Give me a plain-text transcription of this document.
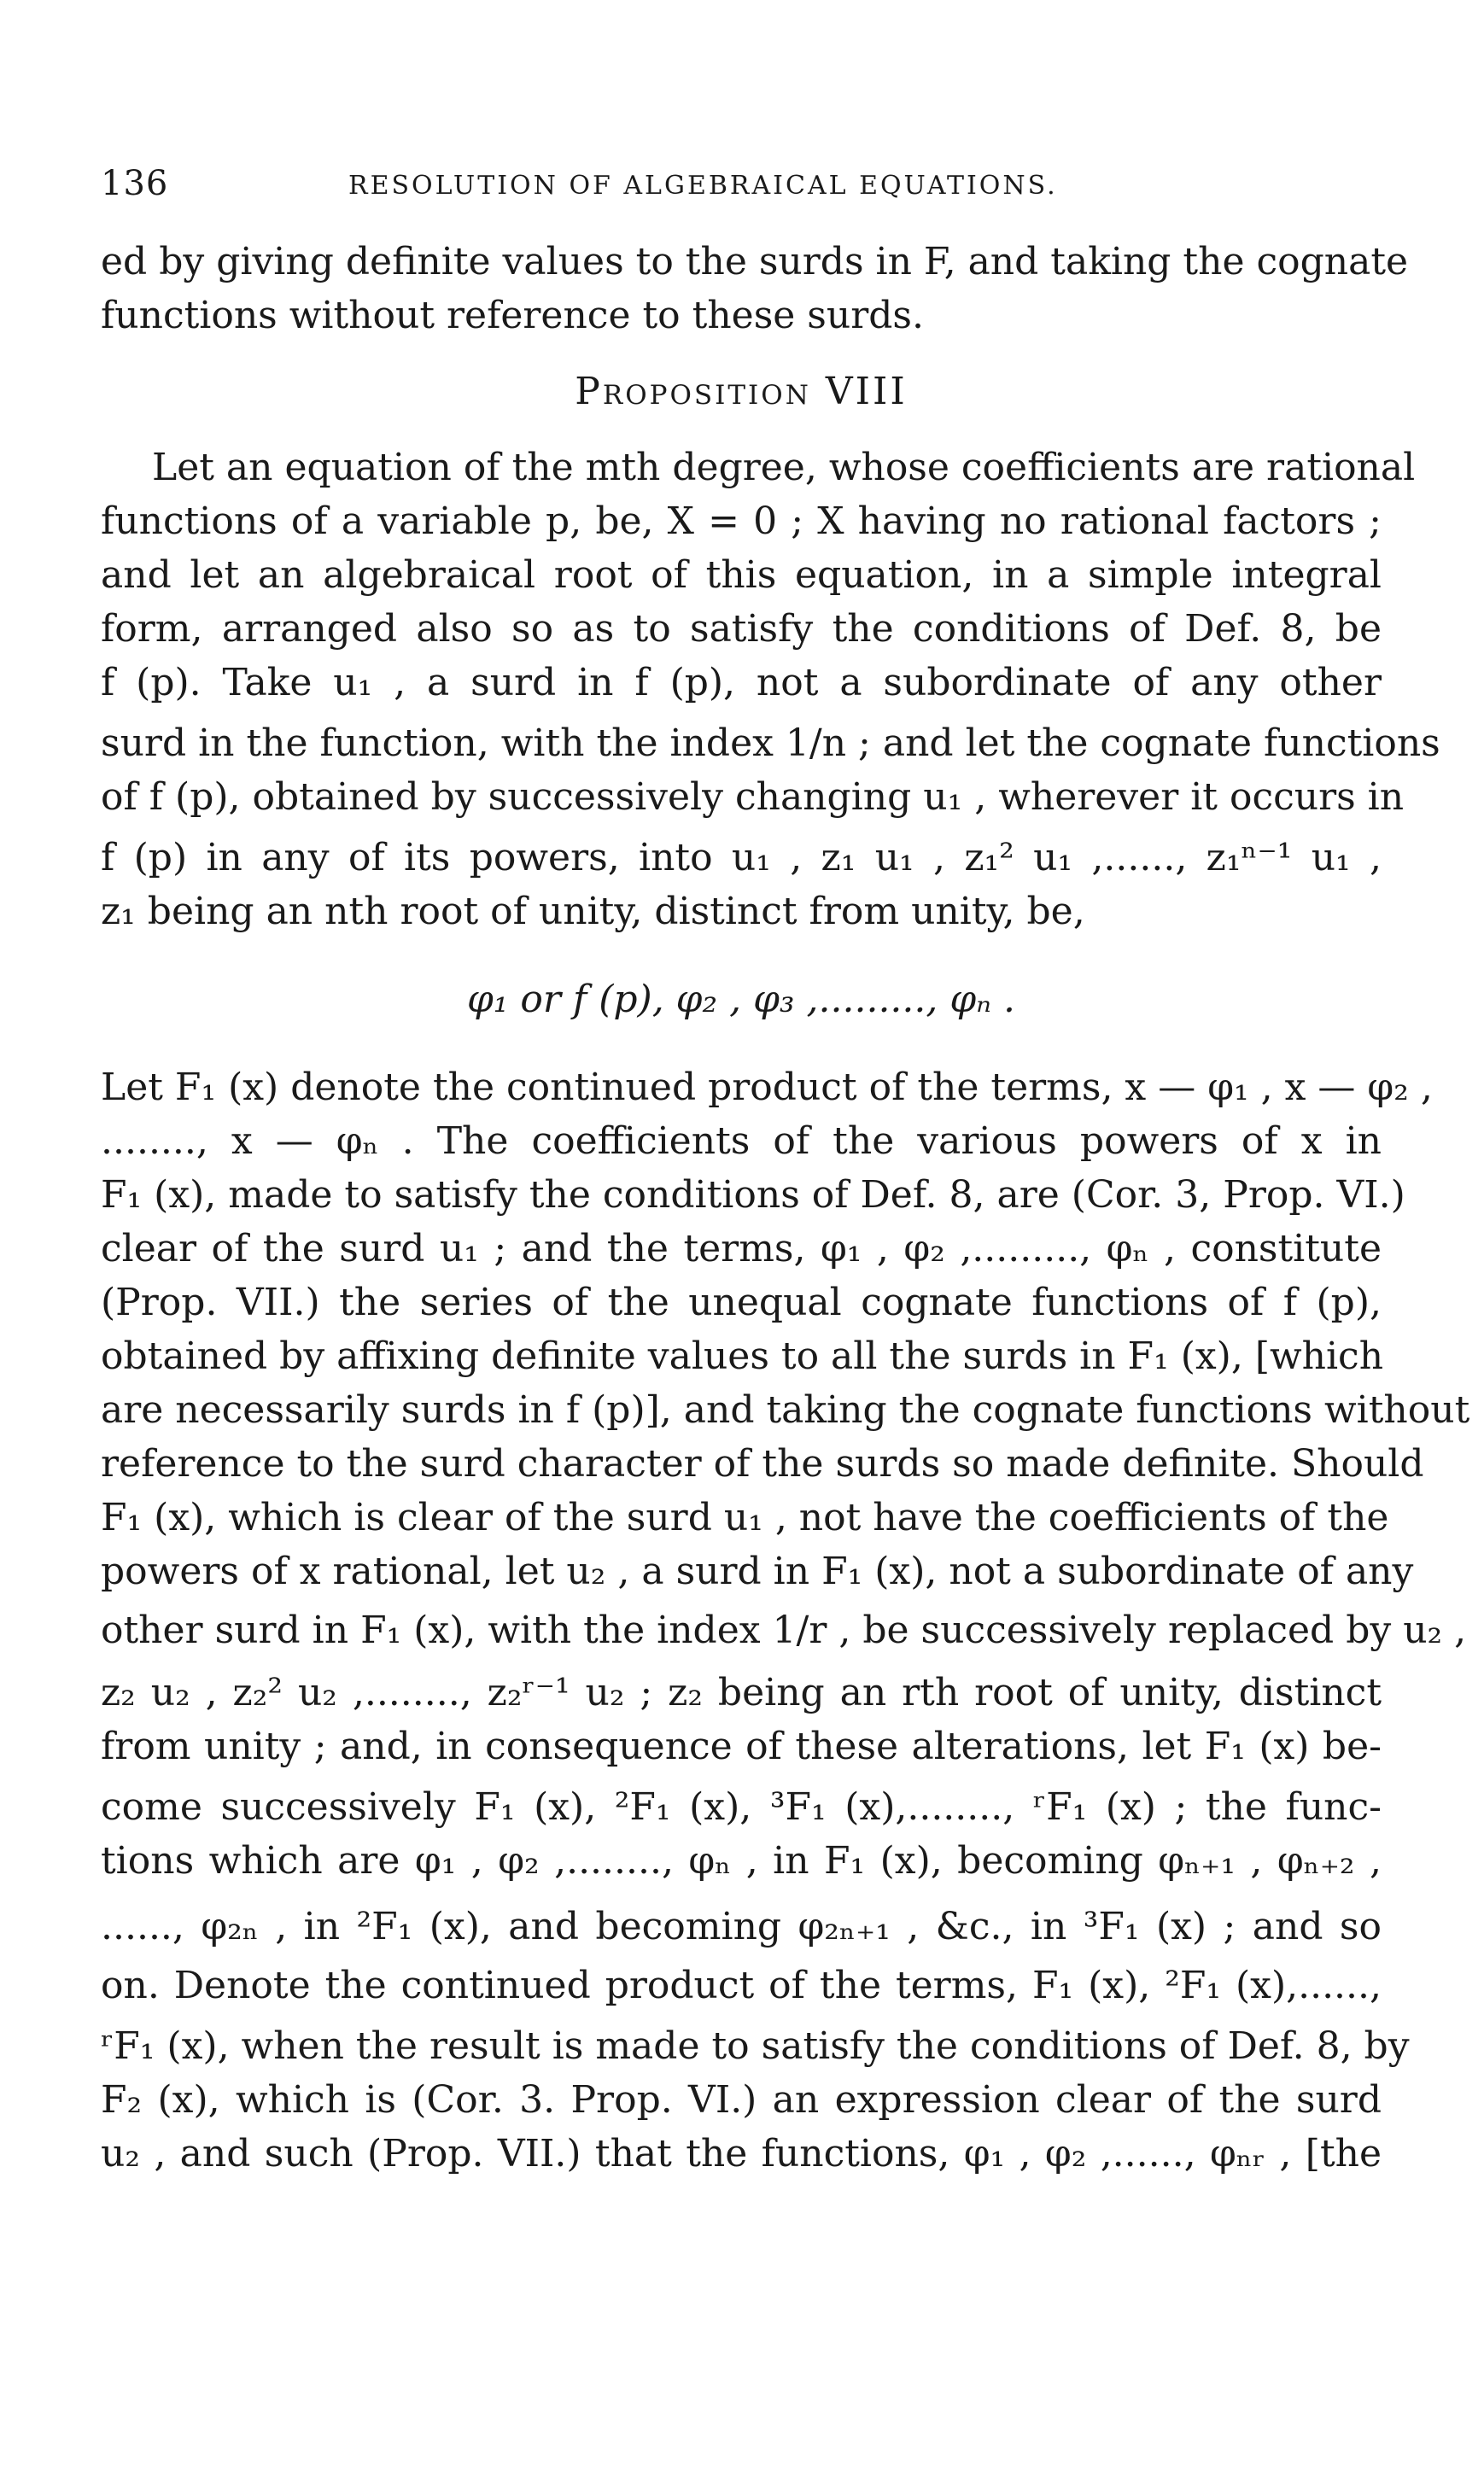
136	RESOLUTION OF ALGEBRAICAL EQUATIONS.
ed by giving definite values to the surds in F, and taking the cognate
functions without reference to these surds.
Proposition VIII
Let an equation of the mth degree, whose coefficients are rational
functions of a variable p, be, X = 0 ; X having no rational factors ;
and let an algebraical root of this equation, in a simple integral
form, arranged also so as to satisfy the conditions of Def. 8, be
f (p). Take u₁ , a surd in f (p), not a subordinate of any other
surd in the function, with the index 1/n ; and let the cognate functions
of f (p), obtained by successively changing u₁ , wherever it occurs in
f (p) in any of its powers, into u₁ , z₁ u₁ , z₁² u₁ ,......, z₁ⁿ⁻¹ u₁ ,
z₁ being an nth root of unity, distinct from unity, be,
φ₁ or f (p), φ₂ , φ₃ ,........., φₙ .
Let F₁ (x) denote the continued product of the terms, x — φ₁ , x — φ₂ ,
........, x — φₙ . The coefficients of the various powers of x in
F₁ (x), made to satisfy the conditions of Def. 8, are (Cor. 3, Prop. VI.)
clear of the surd u₁ ; and the terms, φ₁ , φ₂ ,........., φₙ , constitute
(Prop. VII.) the series of the unequal cognate functions of f (p),
obtained by affixing definite values to all the surds in F₁ (x), [which
are necessarily surds in f (p)], and taking the cognate functions without
reference to the surd character of the surds so made definite. Should
F₁ (x), which is clear of the surd u₁ , not have the coefficients of the
powers of x rational, let u₂ , a surd in F₁ (x), not a subordinate of any
other surd in F₁ (x), with the index 1/r , be successively replaced by u₂ ,
z₂ u₂ , z₂² u₂ ,........, z₂ʳ⁻¹ u₂ ; z₂ being an rth root of unity, distinct
from unity ; and, in consequence of these alterations, let F₁ (x) be-
come successively F₁ (x), ²F₁ (x), ³F₁ (x),........, ʳF₁ (x) ; the func-
tions which are φ₁ , φ₂ ,........, φₙ , in F₁ (x), becoming φₙ₊₁ , φₙ₊₂ ,
......, φ₂ₙ , in ²F₁ (x), and becoming φ₂ₙ₊₁ , &c., in ³F₁ (x) ; and so
on. Denote the continued product of the terms, F₁ (x), ²F₁ (x),......,
ʳF₁ (x), when the result is made to satisfy the conditions of Def. 8, by
F₂ (x), which is (Cor. 3. Prop. VI.) an expression clear of the surd
u₂ , and such (Prop. VII.) that the functions, φ₁ , φ₂ ,......, φₙᵣ , [the
